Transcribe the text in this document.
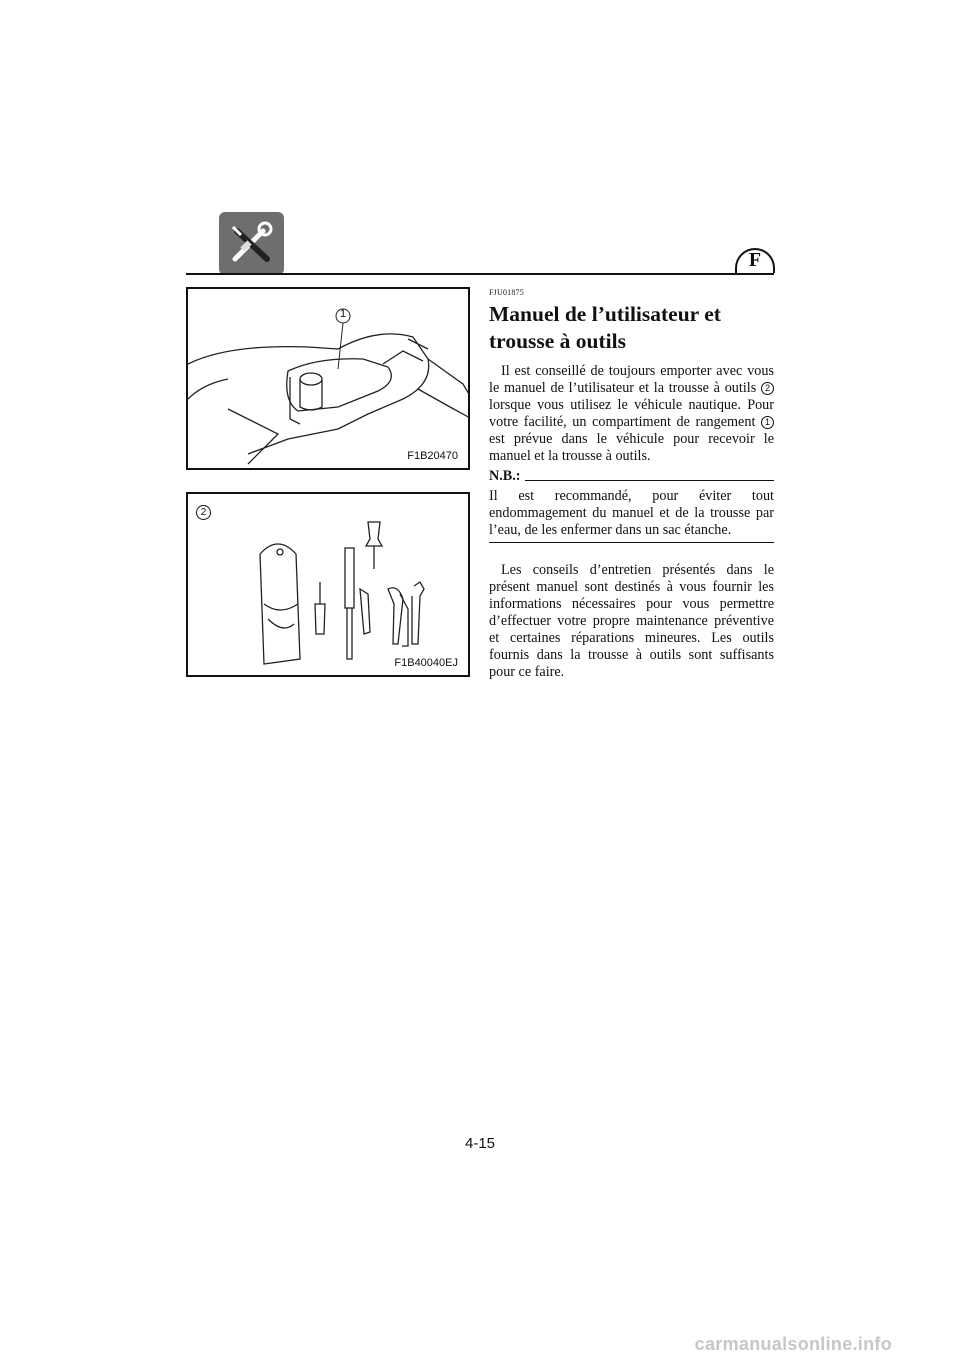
F
1
F1B20470
2
F1B40040EJ
FJU01875
Manuel de l’utilisateur et trousse à outils

Il est conseillé de toujours emporter avec vous le manuel de l’utilisateur et la trousse à outils 2 lorsque vous utilisez le véhicule nautique. Pour votre facilité, un compartiment de rangement 1 est prévue dans le véhicule pour recevoir le manuel et la trousse à outils.

N.B.:

Il est recommandé, pour éviter tout endommagement du manuel et de la trousse par l’eau, de les enfermer dans un sac étanche.

Les conseils d’entretien présentés dans le présent manuel sont destinés à vous fournir les informations nécessaires pour vous permettre d’effectuer votre propre maintenance préventive et certaines réparations mineures. Les outils fournis dans la trousse à outils sont suffisants pour ce faire.

4-15
carmanualsonline.info
